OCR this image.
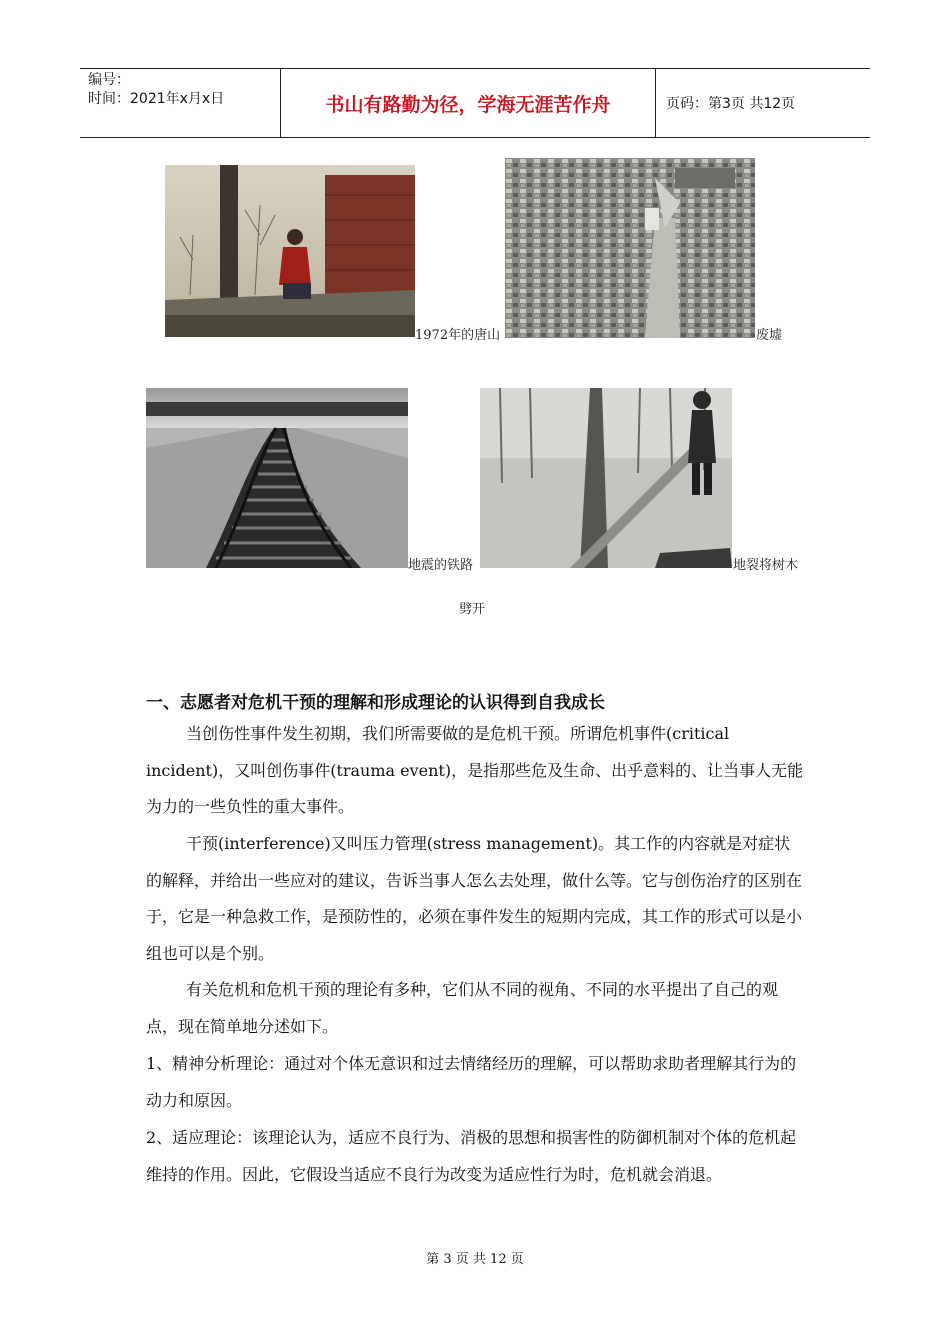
编号：
时间：2021年x月x日	书山有路勤为径，学海无涯苦作舟	页码：第3页 共12页
1972年的唐山	废墟
地震的铁路	地裂将树木
劈开
一、志愿者对危机干预的理解和形成理论的认识得到自我成长

当创伤性事件发生初期，我们所需要做的是危机干预。所谓危机事件(critical incident)，又叫创伤事件(trauma event)，是指那些危及生命、出乎意料的、让当事人无能为力的一些负性的重大事件。

干预(interference)又叫压力管理(stress management)。其工作的内容就是对症状的解释，并给出一些应对的建议，告诉当事人怎么去处理，做什么等。它与创伤治疗的区别在于，它是一种急救工作，是预防性的，必须在事件发生的短期内完成，其工作的形式可以是小组也可以是个别。

有关危机和危机干预的理论有多种，它们从不同的视角、不同的水平提出了自己的观点，现在简单地分述如下。

1、精神分析理论：通过对个体无意识和过去情绪经历的理解，可以帮助求助者理解其行为的动力和原因。

2、适应理论：该理论认为，适应不良行为、消极的思想和损害性的防御机制对个体的危机起维持的作用。因此，它假设当适应不良行为改变为适应性行为时，危机就会消退。

第 3 页 共 12 页
